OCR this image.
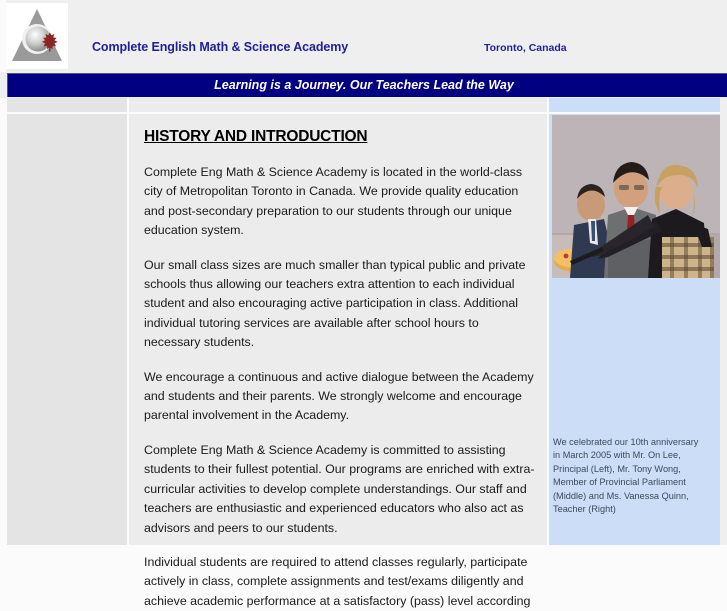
Complete English Math & Science Academy	Toronto, Canada
Learning is a Journey. Our Teachers Lead the Way
HISTORY AND INTRODUCTION

Complete Eng Math & Science Academy is located in the world-class city of Metropolitan Toronto in Canada. We provide quality education and post-secondary preparation to our students through our unique education system.

Our small class sizes are much smaller than typical public and private schools thus allowing our teachers extra attention to each individual student and also encouraging active participation in class. Additional individual tutoring services are available after school hours to necessary students.

We encourage a continuous and active dialogue between the Academy and students and their parents. We strongly welcome and encourage parental involvement in the Academy.

Complete Eng Math & Science Academy is committed to assisting students to their fullest potential. Our programs are enriched with extra-curricular activities to develop complete understandings. Our staff and teachers are enthusiastic and experienced educators who also act as advisors and peers to our students.

Individual students are required to attend classes regularly, participate actively in class, complete assignments and test/exams diligently and achieve academic performance at a satisfactory (pass) level according

We celebrated our 10th anniversary in March 2005 with Mr. On Lee, Principal (Left), Mr. Tony Wong, Member of Provincial Parliament (Middle) and Ms. Vanessa Quinn, Teacher (Right)
